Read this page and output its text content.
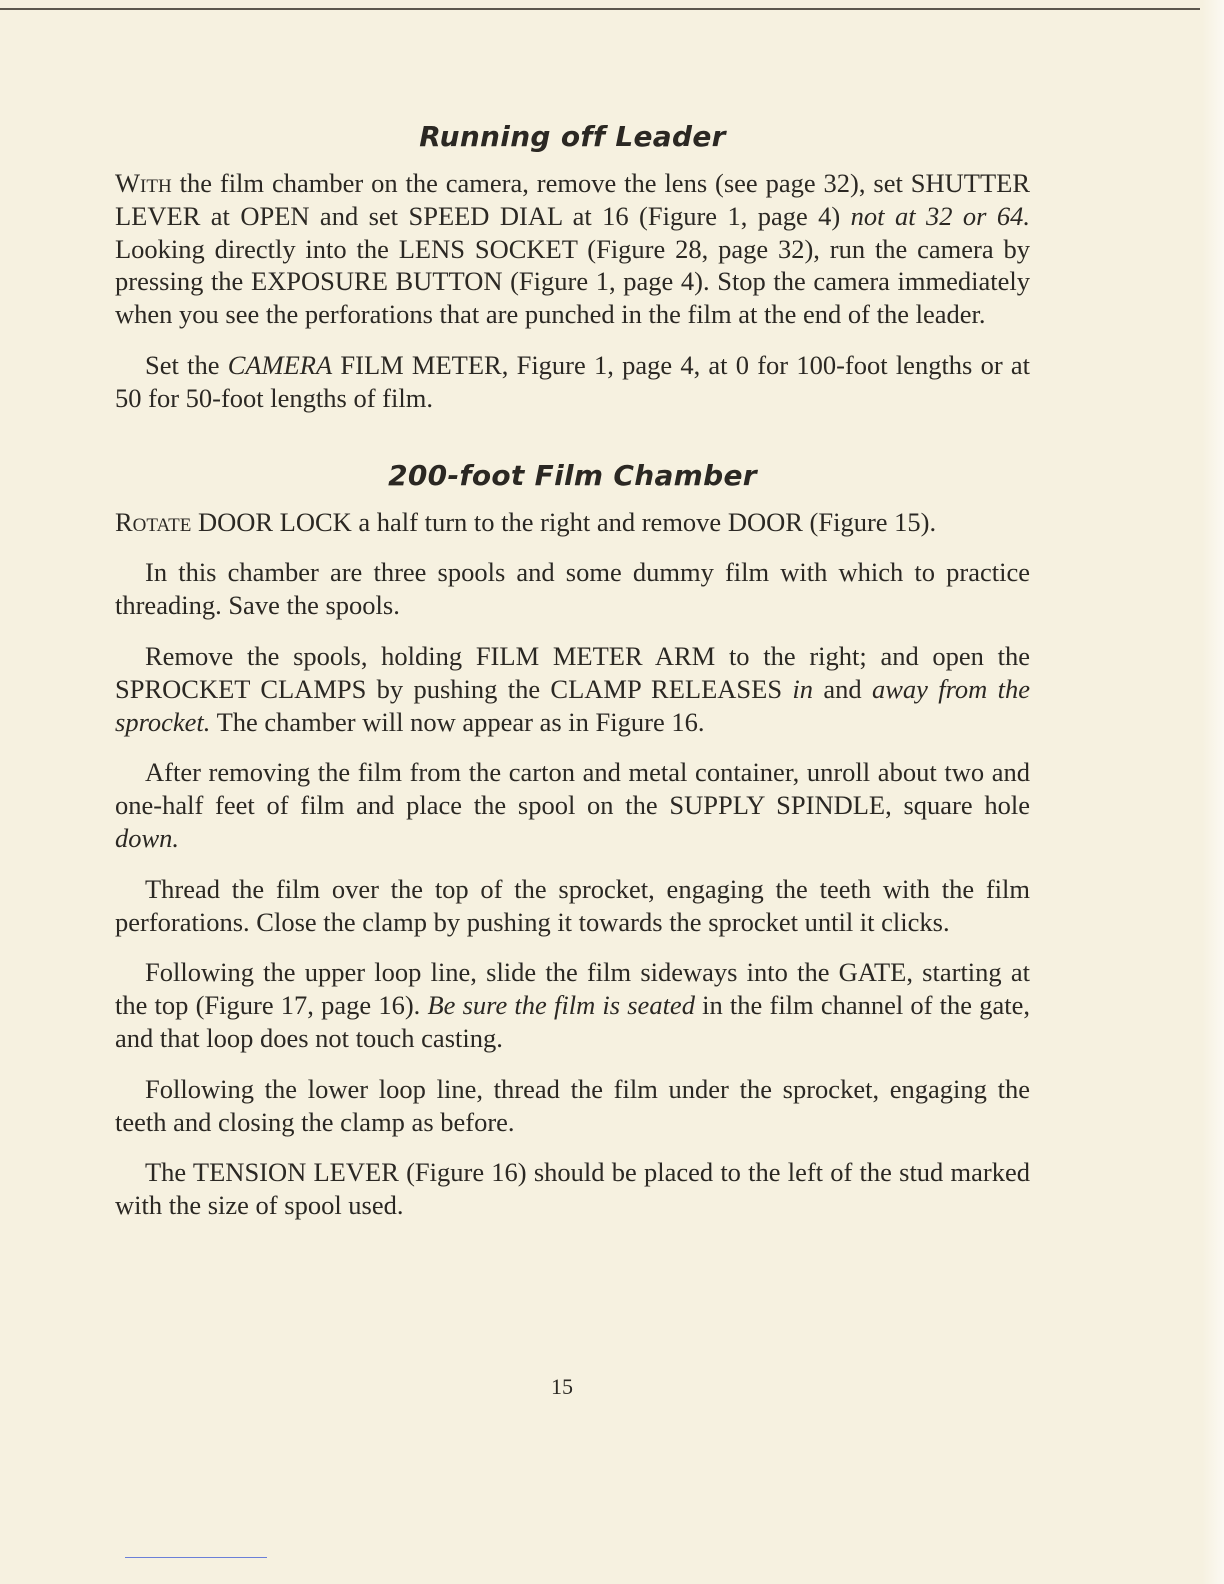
Running off Leader

With the film chamber on the camera, remove the lens (see page 32), set SHUTTER LEVER at OPEN and set SPEED DIAL at 16 (Figure 1, page 4) not at 32 or 64. Looking directly into the LENS SOCKET (Figure 28, page 32), run the camera by pressing the EXPOSURE BUTTON (Figure 1, page 4). Stop the camera immediately when you see the perforations that are punched in the film at the end of the leader.

Set the CAMERA FILM METER, Figure 1, page 4, at 0 for 100-foot lengths or at 50 for 50-foot lengths of film.

200-foot Film Chamber

Rotate DOOR LOCK a half turn to the right and remove DOOR (Figure 15).

In this chamber are three spools and some dummy film with which to practice threading. Save the spools.

Remove the spools, holding FILM METER ARM to the right; and open the SPROCKET CLAMPS by pushing the CLAMP RELEASES in and away from the sprocket. The chamber will now appear as in Figure 16.

After removing the film from the carton and metal container, unroll about two and one-half feet of film and place the spool on the SUPPLY SPINDLE, square hole down.

Thread the film over the top of the sprocket, engaging the teeth with the film perforations. Close the clamp by pushing it towards the sprocket until it clicks.

Following the upper loop line, slide the film sideways into the GATE, starting at the top (Figure 17, page 16). Be sure the film is seated in the film channel of the gate, and that loop does not touch casting.

Following the lower loop line, thread the film under the sprocket, engaging the teeth and closing the clamp as before.

The TENSION LEVER (Figure 16) should be placed to the left of the stud marked with the size of spool used.

15
